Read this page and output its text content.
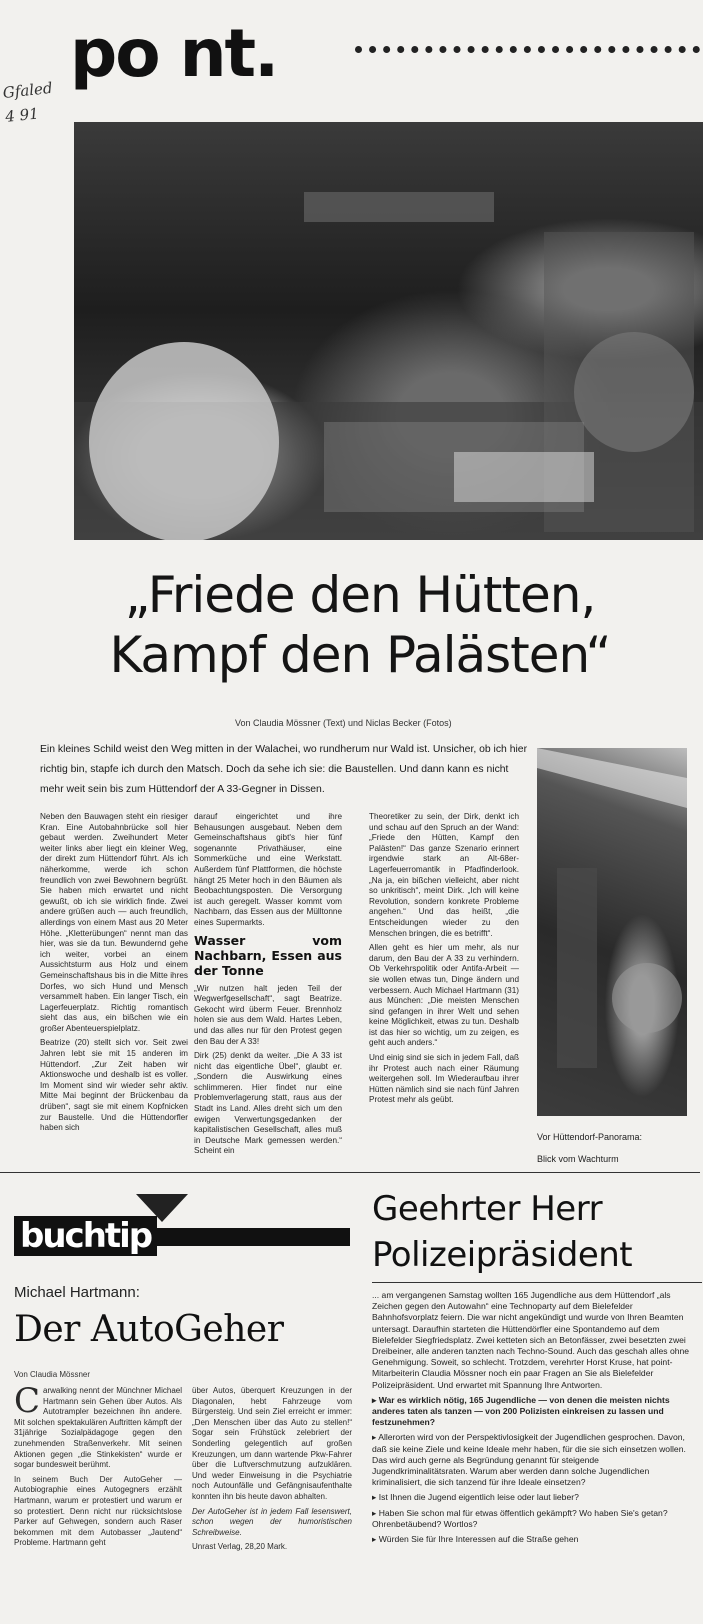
Gfaled 4 91
po nt.
„Friede den Hütten,
Kampf den Palästen“
Von Claudia Mössner (Text) und Niclas Becker (Fotos)
Ein kleines Schild weist den Weg mitten in der Walachei, wo rundherum nur Wald ist. Unsicher, ob ich hier richtig bin, stapfe ich durch den Matsch. Doch da sehe ich sie: die Baustellen. Und dann kann es nicht mehr weit sein bis zum Hüttendorf der A 33-Gegner in Dissen.

Neben den Bauwagen steht ein riesiger Kran. Eine Autobahnbrücke soll hier gebaut werden. Zweihundert Meter weiter links aber liegt ein kleiner Weg, der direkt zum Hüttendorf führt. Als ich näherkomme, werde ich schon freundlich von zwei Bewohnern begrüßt. Sie haben mich erwartet und nicht gewußt, ob ich sie wirklich finde. Zwei andere grüßen auch — auch freundlich, allerdings von einem Mast aus 20 Meter Höhe. „Kletterübungen“ nennt man das hier, was sie da tun. Bewundernd gehe ich weiter, vorbei an einem Aussichtsturm aus Holz und einem Gemeinschaftshaus bis in die Mitte ihres Dorfes, wo sich Hund und Mensch versammelt haben. Ein langer Tisch, ein Lagerfeuerplatz. Richtig romantisch sieht das aus, ein bißchen wie ein großer Abenteuerspielplatz.

Beatrize (20) stellt sich vor. Seit zwei Jahren lebt sie mit 15 anderen im Hüttendorf. „Zur Zeit haben wir Aktionswoche und deshalb ist es voller. Im Moment sind wir wieder sehr aktiv. Mitte Mai beginnt der Brückenbau da drüben“, sagt sie mit einem Kopfnicken zur Baustelle. Und die Hüttendorfler haben sich

darauf eingerichtet und ihre Behausungen ausgebaut. Neben dem Gemeinschaftshaus gibt's hier fünf sogenannte Privathäuser, eine Sommerküche und eine Werkstatt. Außerdem fünf Plattformen, die höchste hängt 25 Meter hoch in den Bäumen als Beobachtungsposten. Die Versorgung ist auch geregelt. Wasser kommt vom Nachbarn, das Essen aus der Mülltonne eines Supermarkts.

Wasser vom Nachbarn, Essen aus der Tonne

„Wir nutzen halt jeden Teil der Wegwerfgesellschaft“, sagt Beatrize. Gekocht wird überm Feuer. Brennholz holen sie aus dem Wald. Hartes Leben, und das alles nur für den Protest gegen den Bau der A 33!

Dirk (25) denkt da weiter. „Die A 33 ist nicht das eigentliche Übel“, glaubt er. „Sondern die Auswirkung eines schlimmeren. Hier findet nur eine Problemverlagerung statt, raus aus der Stadt ins Land. Alles dreht sich um den ewigen Verwertungsgedanken der kapitalistischen Gesellschaft, alles muß in Deutsche Mark gemessen werden.“ Scheint ein

Theoretiker zu sein, der Dirk, denkt ich und schau auf den Spruch an der Wand: „Friede den Hütten, Kampf den Palästen!“ Das ganze Szenario erinnert irgendwie stark an Alt-68er-Lagerfeuerromantik in Pfadfinderlook. „Na ja, ein bißchen vielleicht, aber nicht so unkritisch“, meint Dirk. „Ich will keine Revolution, sondern konkrete Probleme angehen.“ Und das heißt, „die Entscheidungen wieder zu den Menschen bringen, die es betrifft“.

Allen geht es hier um mehr, als nur darum, den Bau der A 33 zu verhindern. Ob Verkehrspolitik oder Antifa-Arbeit — sie wollen etwas tun, Dinge ändern und verbessern. Auch Michael Hartmann (31) aus München: „Die meisten Menschen sind gefangen in ihrer Welt und sehen keine Möglichkeit, etwas zu tun. Deshalb ist das hier so wichtig, um zu zeigen, es geht auch anders.“

Und einig sind sie sich in jedem Fall, daß ihr Protest auch nach einer Räumung weitergehen soll. Im Wiederaufbau ihrer Hütten nämlich sind sie nach fünf Jahren Protest mehr als geübt.

Vor Hüttendorf-Panorama:
Blick vom Wachturm
buchtip
Michael Hartmann:
Der AutoGeher
Von Claudia Mössner

C arwalking nennt der Münchner Michael Hartmann sein Gehen über Autos. Als Autotrampler bezeichnen ihn andere. Mit solchen spektakulären Auftritten kämpft der 31jährige Sozialpädagoge gegen den zunehmenden Straßenverkehr. Mit seinen Aktionen gegen „die Stinkekisten“ wurde er sogar bundesweit berühmt.

In seinem Buch Der AutoGeher — Autobiographie eines Autogegners erzählt Hartmann, warum er protestiert und warum er so protestiert. Denn nicht nur rücksichtslose Parker auf Gehwegen, sondern auch Raser bekommen mit dem Autobasser „Jautend“ Probleme. Hartmann geht

über Autos, überquert Kreuzungen in der Diagonalen, hebt Fahrzeuge vom Bürgersteig. Und sein Ziel erreicht er immer: „Den Menschen über das Auto zu stellen!“ Sogar sein Frühstück zelebriert der Sonderling gelegentlich auf großen Kreuzungen, um dann wartende Pkw-Fahrer über die Luftverschmutzung aufzuklären. Und weder Einweisung in die Psychiatrie noch Autounfälle und Gefängnisaufenthalte konnten ihn bis heute davon abhalten.

Der AutoGeher ist in jedem Fall lesenswert, schon wegen der humoristischen Schreibweise.

Unrast Verlag, 28,20 Mark.

Geehrter Herr
Polizeipräsident

... am vergangenen Samstag wollten 165 Jugendliche aus dem Hüttendorf „als Zeichen gegen den Autowahn“ eine Technoparty auf dem Bielefelder Bahnhofsvorplatz feiern. Die war nicht angekündigt und wurde von Ihren Beamten untersagt. Daraufhin starteten die Hüttendörfler eine Spontandemo auf dem Bielefelder Siegfriedsplatz. Zwei ketteten sich an Betonfässer, zwei besetzten zwei Dreibeiner, alle anderen tanzten nach Techno-Sound. Auch das geschah alles ohne Genehmigung. Soweit, so schlecht. Trotzdem, verehrter Horst Kruse, hat point-Mitarbeiterin Claudia Mössner noch ein paar Fragen an Sie als Bielefelder Polizeipräsident. Und erwartet mit Spannung Ihre Antworten.

▸ War es wirklich nötig, 165 Jugendliche — von denen die meisten nichts anderes taten als tanzen — von 200 Polizisten einkreisen zu lassen und festzunehmen?

▸ Allerorten wird von der Perspektivlosigkeit der Jugendlichen gesprochen. Davon, daß sie keine Ziele und keine Ideale mehr haben, für die sie sich einsetzen wollen. Das wird auch gerne als Begründung genannt für steigende Jugendkriminalitätsraten. Warum aber werden dann solche Jugendlichen kriminalisiert, die sich tanzend für ihre Ideale einsetzen?

▸ Ist Ihnen die Jugend eigentlich leise oder laut lieber?

▸ Haben Sie schon mal für etwas öffentlich gekämpft? Wo haben Sie's getan? Ohrenbetäubend? Wortlos?

▸ Würden Sie für Ihre Interessen auf die Straße gehen
